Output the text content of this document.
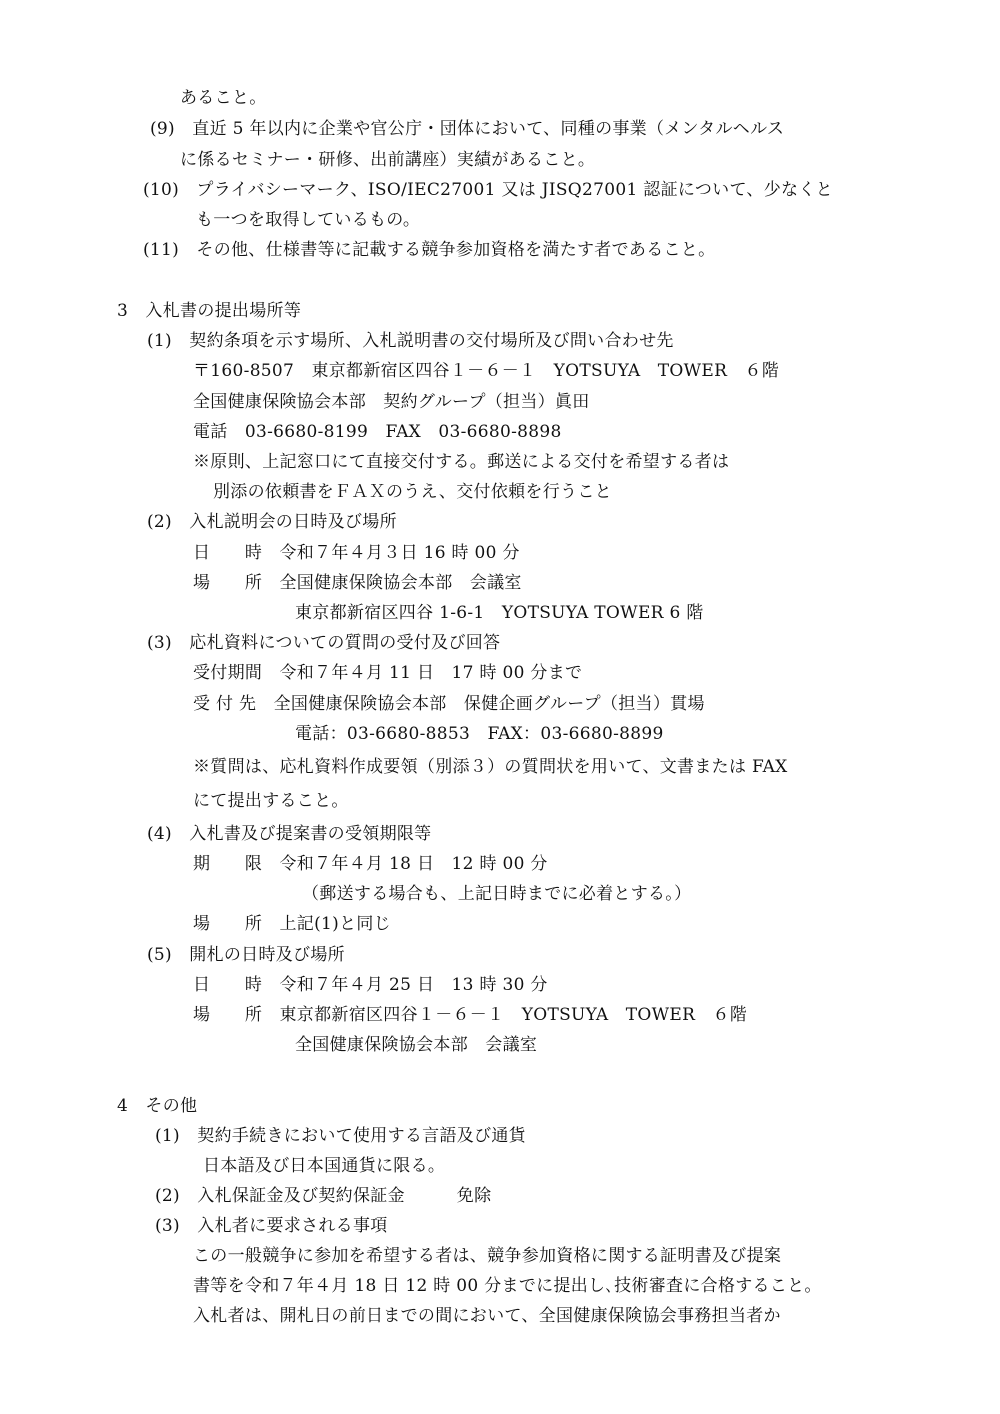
あること。
(9)　直近 5 年以内に企業や官公庁・団体において、同種の事業（メンタルヘルス
に係るセミナー・研修、出前講座）実績があること。
(10)　プライバシーマーク、ISO/IEC27001 又は JISQ27001 認証について、少なくと
も一つを取得しているもの。
(11)　その他、仕様書等に記載する競争参加資格を満たす者であること。
3　入札書の提出場所等
(1)　契約条項を示す場所、入札説明書の交付場所及び問い合わせ先
〒160-8507　東京都新宿区四谷１－６－１　YOTSUYA　TOWER　６階
全国健康保険協会本部　契約グループ（担当）眞田
電話　03-6680-8199　FAX　03-6680-8898
※原則、上記窓口にて直接交付する。郵送による交付を希望する者は
別添の依頼書をＦＡＸのうえ、交付依頼を行うこと
(2)　入札説明会の日時及び場所
日　　時　令和７年４月３日 16 時 00 分
場　　所　全国健康保険協会本部　会議室
東京都新宿区四谷 1-6-1　YOTSUYA TOWER 6 階
(3)　応札資料についての質問の受付及び回答
受付期間　令和７年４月 11 日　17 時 00 分まで
受 付 先　全国健康保険協会本部　保健企画グループ（担当）貫場
電話：03-6680-8853　FAX：03-6680-8899
※質問は、応札資料作成要領（別添３）の質問状を用いて、文書または FAX
にて提出すること。
(4)　入札書及び提案書の受領期限等
期　　限　令和７年４月 18 日　12 時 00 分
（郵送する場合も、上記日時までに必着とする。）
場　　所　上記(1)と同じ
(5)　開札の日時及び場所
日　　時　令和７年４月 25 日　13 時 30 分
場　　所　東京都新宿区四谷１－６－１　YOTSUYA　TOWER　６階
全国健康保険協会本部　会議室
4　その他
(1)　契約手続きにおいて使用する言語及び通貨
日本語及び日本国通貨に限る。
(2)　入札保証金及び契約保証金　　　免除
(3)　入札者に要求される事項
この一般競争に参加を希望する者は、競争参加資格に関する証明書及び提案
書等を令和７年４月 18 日 12 時 00 分までに提出し､技術審査に合格すること。
入札者は、開札日の前日までの間において、全国健康保険協会事務担当者か
